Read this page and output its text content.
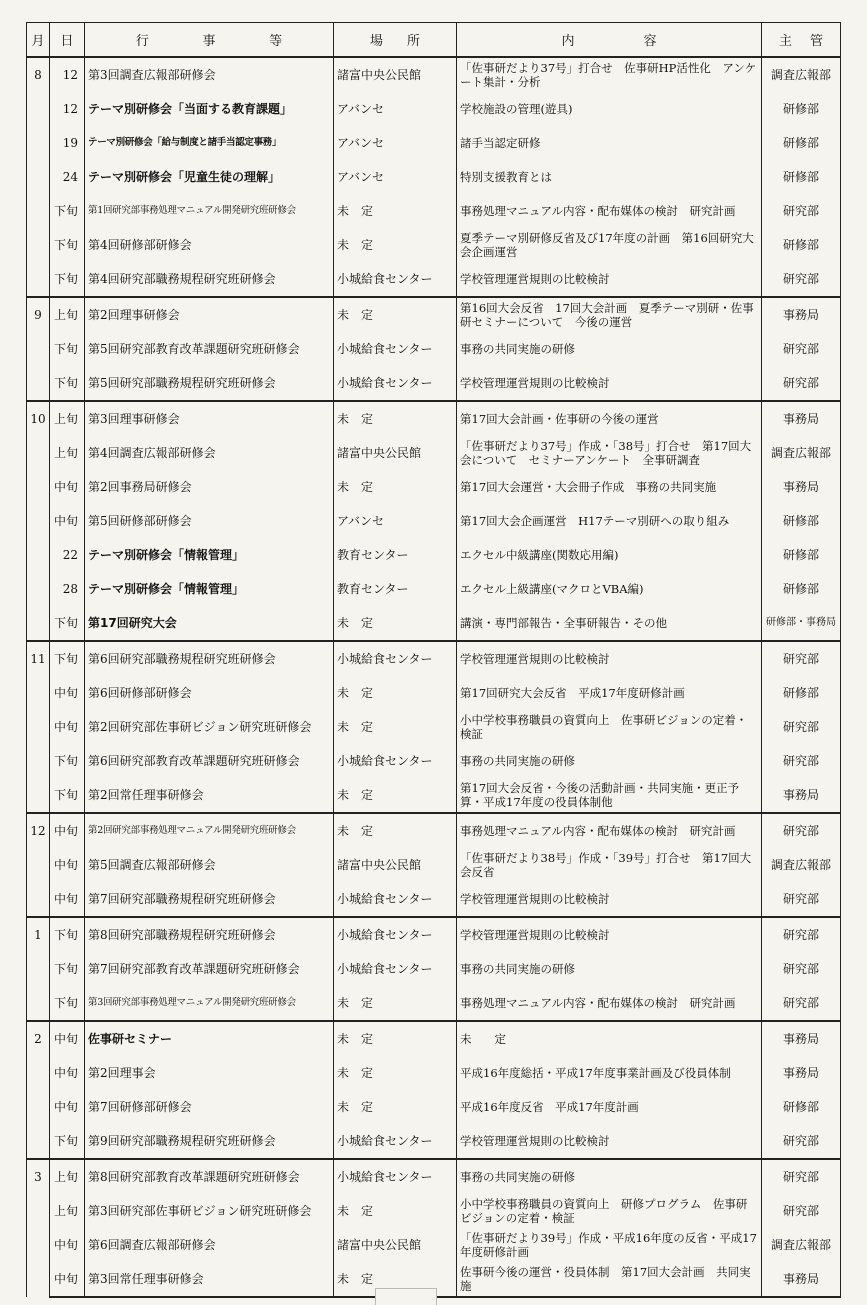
月	日	行 事 等	場 所	内 容	主 管

8	12	第3回調査広報部研修会	諸富中央公民館	「佐事研だより37号」打合せ　佐事研HP活性化　アンケート集計・分析	調査広報部
	12	テーマ別研修会「当面する教育課題」	アバンセ	学校施設の管理(遊具)	研修部
	19	テーマ別研修会「給与制度と諸手当認定事務」	アバンセ	諸手当認定研修	研修部
	24	テーマ別研修会「児童生徒の理解」	アバンセ	特別支援教育とは	研修部
	下旬	第1回研究部事務処理マニュアル開発研究班研修会	未　定	事務処理マニュアル内容・配布媒体の検討　研究計画	研究部
	下旬	第4回研修部研修会	未　定	夏季テーマ別研修反省及び17年度の計画　第16回研究大会企画運営	研修部
	下旬	第4回研究部職務規程研究班研修会	小城給食センター	学校管理運営規則の比較検討	研究部
9	上旬	第2回理事研修会	未　定	第16回大会反省　17回大会計画　夏季テーマ別研・佐事研セミナーについて　今後の運営	事務局
	下旬	第5回研究部教育改革課題研究班研修会	小城給食センター	事務の共同実施の研修	研究部
	下旬	第5回研究部職務規程研究班研修会	小城給食センター	学校管理運営規則の比較検討	研究部
10	上旬	第3回理事研修会	未　定	第17回大会計画・佐事研の今後の運営	事務局
	上旬	第4回調査広報部研修会	諸富中央公民館	「佐事研だより37号」作成・「38号」打合せ　第17回大会について　セミナーアンケート　全事研調査	調査広報部
	中旬	第2回事務局研修会	未　定	第17回大会運営・大会冊子作成　事務の共同実施	事務局
	中旬	第5回研修部研修会	アバンセ	第17回大会企画運営　H17テーマ別研への取り組み	研修部
	22	テーマ別研修会「情報管理」	教育センター	エクセル中級講座(関数応用編)	研修部
	28	テーマ別研修会「情報管理」	教育センター	エクセル上級講座(マクロとVBA編)	研修部
	下旬	第17回研究大会	未　定	講演・専門部報告・全事研報告・その他	研修部・事務局
11	下旬	第6回研究部職務規程研究班研修会	小城給食センター	学校管理運営規則の比較検討	研究部
	中旬	第6回研修部研修会	未　定	第17回研究大会反省　平成17年度研修計画	研修部
	中旬	第2回研究部佐事研ビジョン研究班研修会	未　定	小中学校事務職員の資質向上　佐事研ビジョンの定着・検証	研究部
	下旬	第6回研究部教育改革課題研究班研修会	小城給食センター	事務の共同実施の研修	研究部
	下旬	第2回常任理事研修会	未　定	第17回大会反省・今後の活動計画・共同実施・更正予算・平成17年度の役員体制他	事務局
12	中旬	第2回研究部事務処理マニュアル開発研究班研修会	未　定	事務処理マニュアル内容・配布媒体の検討　研究計画	研究部
	中旬	第5回調査広報部研修会	諸富中央公民館	「佐事研だより38号」作成・「39号」打合せ　第17回大会反省	調査広報部
	中旬	第7回研究部職務規程研究班研修会	小城給食センター	学校管理運営規則の比較検討	研究部
1	下旬	第8回研究部職務規程研究班研修会	小城給食センター	学校管理運営規則の比較検討	研究部
	下旬	第7回研究部教育改革課題研究班研修会	小城給食センター	事務の共同実施の研修	研究部
	下旬	第3回研究部事務処理マニュアル開発研究班研修会	未　定	事務処理マニュアル内容・配布媒体の検討　研究計画	研究部
2	中旬	佐事研セミナー	未　定	未　　定	事務局
	中旬	第2回理事会	未　定	平成16年度総括・平成17年度事業計画及び役員体制	事務局
	中旬	第7回研修部研修会	未　定	平成16年度反省　平成17年度計画	研修部
	下旬	第9回研究部職務規程研究班研修会	小城給食センター	学校管理運営規則の比較検討	研究部
3	上旬	第8回研究部教育改革課題研究班研修会	小城給食センター	事務の共同実施の研修	研究部
	上旬	第3回研究部佐事研ビジョン研究班研修会	未　定	小中学校事務職員の資質向上　研修プログラム　佐事研ビジョンの定着・検証	研究部
	中旬	第6回調査広報部研修会	諸富中央公民館	「佐事研だより39号」作成・平成16年度の反省・平成17年度研修計画	調査広報部
	中旬	第3回常任理事研修会	未　定	佐事研今後の運営・役員体制　第17回大会計画　共同実施	事務局
